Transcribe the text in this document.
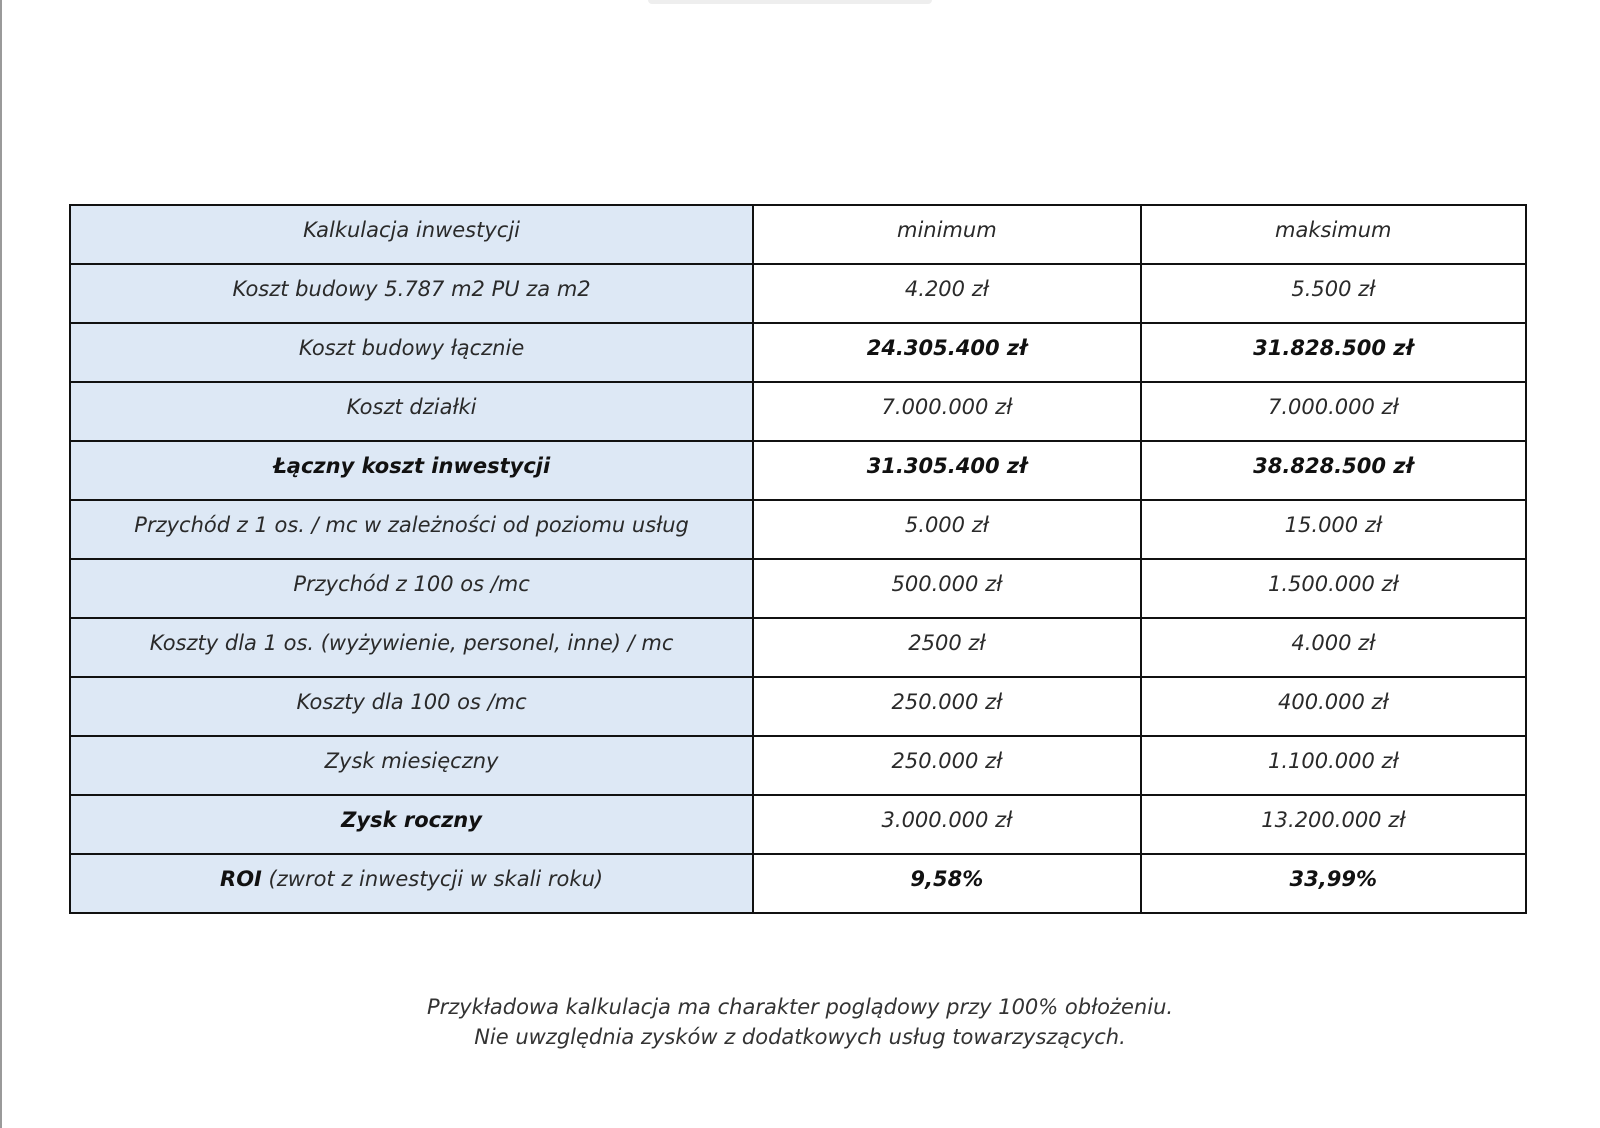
Kalkulacja inwestycji	minimum	maksimum
Koszt budowy 5.787 m2 PU za m2	4.200 zł	5.500 zł
Koszt budowy łącznie	24.305.400 zł	31.828.500 zł
Koszt działki	7.000.000 zł	7.000.000 zł
Łączny koszt inwestycji	31.305.400 zł	38.828.500 zł
Przychód z 1 os. / mc w zależności od poziomu usług	5.000 zł	15.000 zł
Przychód z 100 os /mc	500.000 zł	1.500.000 zł
Koszty dla 1 os. (wyżywienie, personel, inne) / mc	2500 zł	4.000 zł
Koszty dla 100 os /mc	250.000 zł	400.000 zł
Zysk miesięczny	250.000 zł	1.100.000 zł
Zysk roczny	3.000.000 zł	13.200.000 zł
ROI (zwrot z inwestycji w skali roku)	9,58%	33,99%
Przykładowa kalkulacja ma charakter poglądowy przy 100% obłożeniu.
Nie uwzględnia zysków z dodatkowych usług towarzyszących.
